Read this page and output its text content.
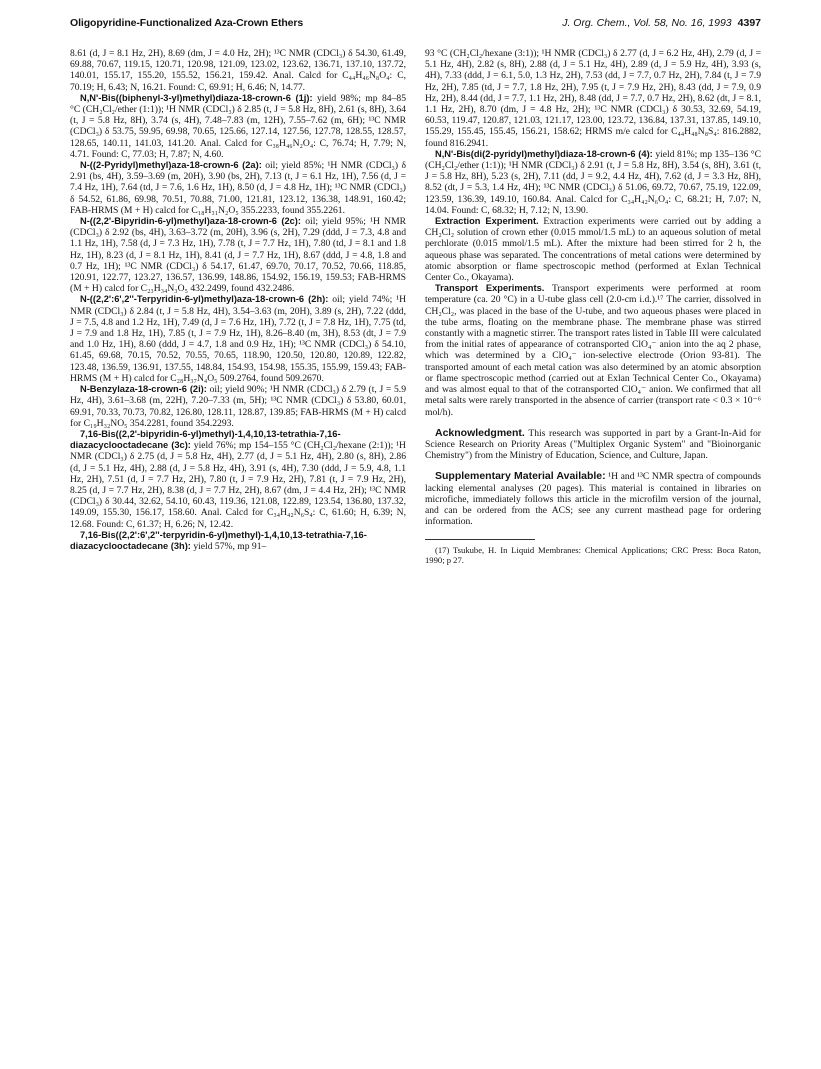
Oligopyridine-Functionalized Aza-Crown Ethers	J. Org. Chem., Vol. 58, No. 16, 1993 4397

8.61 (d, J = 8.1 Hz, 2H), 8.69 (dm, J = 4.0 Hz, 2H); ¹³C NMR (CDCl₃) δ 54.30, 61.49, 69.88, 70.67, 119.15, 120.71, 120.98, 121.09, 123.02, 123.62, 136.71, 137.10, 137.72, 140.01, 155.17, 155.20, 155.52, 156.21, 159.42. Anal. Calcd for C₄₄H₄₆N₈O₄: C, 70.19; H, 6.43; N, 16.21. Found: C, 69.91; H, 6.46; N, 14.77.

N,N'-Bis((biphenyl-3-yl)methyl)diaza-18-crown-6 (1j): yield 98%; mp 84–85 °C (CH₂Cl₂/ether (1:1)); ¹H NMR (CDCl₃) δ 2.85 (t, J = 5.8 Hz, 8H), 2.61 (s, 8H), 3.64 (t, J = 5.8 Hz, 8H), 3.74 (s, 4H), 7.48–7.83 (m, 12H), 7.55–7.62 (m, 6H); ¹³C NMR (CDCl₃) δ 53.75, 59.95, 69.98, 70.65, 125.66, 127.14, 127.56, 127.78, 128.55, 128.57, 128.65, 140.11, 141.03, 141.20. Anal. Calcd for C₃₈H₄₆N₂O₄: C, 76.74; H, 7.79; N, 4.71. Found: C, 77.03; H, 7.87; N, 4.60.

N-((2-Pyridyl)methyl)aza-18-crown-6 (2a): oil; yield 85%; ¹H NMR (CDCl₃) δ 2.91 (bs, 4H), 3.59–3.69 (m, 20H), 3.90 (bs, 2H), 7.13 (t, J = 6.1 Hz, 1H), 7.56 (d, J = 7.4 Hz, 1H), 7.64 (td, J = 7.6, 1.6 Hz, 1H), 8.50 (d, J = 4.8 Hz, 1H); ¹³C NMR (CDCl₃) δ 54.52, 61.86, 69.98, 70.51, 70.88, 71.00, 121.81, 123.12, 136.38, 148.91, 160.42; FAB-HRMS (M + H) calcd for C₁₈H₃₁N₂O₅ 355.2233, found 355.2261.

N-((2,2'-Bipyridin-6-yl)methyl)aza-18-crown-6 (2c): oil; yield 95%; ¹H NMR (CDCl₃) δ 2.92 (bs, 4H), 3.63–3.72 (m, 20H), 3.96 (s, 2H), 7.29 (ddd, J = 7.3, 4.8 and 1.1 Hz, 1H), 7.58 (d, J = 7.3 Hz, 1H), 7.78 (t, J = 7.7 Hz, 1H), 7.80 (td, J = 8.1 and 1.8 Hz, 1H), 8.23 (d, J = 8.1 Hz, 1H), 8.41 (d, J = 7.7 Hz, 1H), 8.67 (ddd, J = 4.8, 1.8 and 0.7 Hz, 1H); ¹³C NMR (CDCl₃) δ 54.17, 61.47, 69.70, 70.17, 70.52, 70.66, 118.85, 120.91, 122.77, 123.27, 136.57, 136.99, 148.86, 154.92, 156.19, 159.53; FAB-HRMS (M + H) calcd for C₂₃H₃₄N₃O₅ 432.2499, found 432.2486.

N-((2,2':6',2''-Terpyridin-6-yl)methyl)aza-18-crown-6 (2h): oil; yield 74%; ¹H NMR (CDCl₃) δ 2.84 (t, J = 5.8 Hz, 4H), 3.54–3.63 (m, 20H), 3.89 (s, 2H), 7.22 (ddd, J = 7.5, 4.8 and 1.2 Hz, 1H), 7.49 (d, J = 7.6 Hz, 1H), 7.72 (t, J = 7.8 Hz, 1H), 7.75 (td, J = 7.9 and 1.8 Hz, 1H), 7.85 (t, J = 7.9 Hz, 1H), 8.26–8.40 (m, 3H), 8.53 (dt, J = 7.9 and 1.0 Hz, 1H), 8.60 (ddd, J = 4.7, 1.8 and 0.9 Hz, 1H); ¹³C NMR (CDCl₃) δ 54.10, 61.45, 69.68, 70.15, 70.52, 70.55, 70.65, 118.90, 120.50, 120.80, 120.89, 122.82, 123.48, 136.59, 136.91, 137.55, 148.84, 154.93, 154.98, 155.35, 155.99, 159.43; FAB-HRMS (M + H) calcd for C₂₈H₃₇N₄O₅ 509.2764, found 509.2670.

N-Benzylaza-18-crown-6 (2i): oil; yield 90%; ¹H NMR (CDCl₃) δ 2.79 (t, J = 5.9 Hz, 4H), 3.61–3.68 (m, 22H), 7.20–7.33 (m, 5H); ¹³C NMR (CDCl₃) δ 53.80, 60.01, 69.91, 70.33, 70.73, 70.82, 126.80, 128.11, 128.87, 139.85; FAB-HRMS (M + H) calcd for C₁₉H₃₂NO₅ 354.2281, found 354.2293.

7,16-Bis((2,2'-bipyridin-6-yl)methyl)-1,4,10,13-tetrathia-7,16-diazacyclooctadecane (3c): yield 76%; mp 154–155 °C (CH₂Cl₂/hexane (2:1)); ¹H NMR (CDCl₃) δ 2.75 (d, J = 5.8 Hz, 4H), 2.77 (d, J = 5.1 Hz, 4H), 2.80 (s, 8H), 2.86 (d, J = 5.1 Hz, 4H), 2.88 (d, J = 5.8 Hz, 4H), 3.91 (s, 4H), 7.30 (ddd, J = 5.9, 4.8, 1.1 Hz, 2H), 7.51 (d, J = 7.7 Hz, 2H), 7.80 (t, J = 7.9 Hz, 2H), 7.81 (t, J = 7.9 Hz, 2H), 8.25 (d, J = 7.7 Hz, 2H), 8.38 (d, J = 7.7 Hz, 2H), 8.67 (dm, J = 4.4 Hz, 2H); ¹³C NMR (CDCl₃) δ 30.44, 32.62, 54.10, 60.43, 119.36, 121.08, 122.89, 123.54, 136.80, 137.32, 149.09, 155.30, 156.17, 158.60. Anal. Calcd for C₃₄H₄₂N₆S₄: C, 61.60; H, 6.39; N, 12.68. Found: C, 61.37; H, 6.26; N, 12.42.

7,16-Bis((2,2':6',2''-terpyridin-6-yl)methyl)-1,4,10,13-tetrathia-7,16-diazacyclooctadecane (3h): yield 57%, mp 91–

93 °C (CH₂Cl₂/hexane (3:1)); ¹H NMR (CDCl₃) δ 2.77 (d, J = 6.2 Hz, 4H), 2.79 (d, J = 5.1 Hz, 4H), 2.82 (s, 8H), 2.88 (d, J = 5.1 Hz, 4H), 2.89 (d, J = 5.9 Hz, 4H), 3.93 (s, 4H), 7.33 (ddd, J = 6.1, 5.0, 1.3 Hz, 2H), 7.53 (dd, J = 7.7, 0.7 Hz, 2H), 7.84 (t, J = 7.9 Hz, 2H), 7.85 (td, J = 7.7, 1.8 Hz, 2H), 7.95 (t, J = 7.9 Hz, 2H), 8.43 (dd, J = 7.9, 0.9 Hz, 2H), 8.44 (dd, J = 7.7, 1.1 Hz, 2H), 8.48 (dd, J = 7.7, 0.7 Hz, 2H), 8.62 (dt, J = 8.1, 1.1 Hz, 2H), 8.70 (dm, J = 4.8 Hz, 2H); ¹³C NMR (CDCl₃) δ 30.53, 32.69, 54.19, 60.53, 119.47, 120.87, 121.03, 121.17, 123.00, 123.72, 136.84, 137.31, 137.85, 149.10, 155.29, 155.45, 155.45, 156.21, 158.62; HRMS m/e calcd for C₄₄H₄₈N₈S₄: 816.2882, found 816.2941.

N,N'-Bis(di(2-pyridyl)methyl)diaza-18-crown-6 (4): yield 81%; mp 135–136 °C (CH₂Cl₂/ether (1:1)); ¹H NMR (CDCl₃) δ 2.91 (t, J = 5.8 Hz, 8H), 3.54 (s, 8H), 3.61 (t, J = 5.8 Hz, 8H), 5.23 (s, 2H), 7.11 (dd, J = 9.2, 4.4 Hz, 4H), 7.62 (d, J = 3.3 Hz, 8H), 8.52 (dt, J = 5.3, 1.4 Hz, 4H); ¹³C NMR (CDCl₃) δ 51.06, 69.72, 70.67, 75.19, 122.09, 123.59, 136.39, 149.10, 160.84. Anal. Calcd for C₃₄H₄₂N₆O₄: C, 68.21; H, 7.07; N, 14.04. Found: C, 68.32; H, 7.12; N, 13.90.

Extraction Experiment. Extraction experiments were carried out by adding a CH₂Cl₂ solution of crown ether (0.015 mmol/1.5 mL) to an aqueous solution of metal perchlorate (0.015 mmol/1.5 mL). After the mixture had been stirred for 2 h, the aqueous phase was separated. The concentrations of metal cations were determined by atomic absorption or flame spectroscopic method (performed at Exlan Technical Center Co., Okayama).

Transport Experiments. Transport experiments were performed at room temperature (ca. 20 °C) in a U-tube glass cell (2.0-cm i.d.).¹⁷ The carrier, dissolved in CH₂Cl₂, was placed in the base of the U-tube, and two aqueous phases were placed in the tube arms, floating on the membrane phase. The membrane phase was stirred constantly with a magnetic stirrer. The transport rates listed in Table III were calculated from the initial rates of appearance of cotransported ClO₄⁻ anion into the aq 2 phase, which was determined by a ClO₄⁻ ion-selective electrode (Orion 93-81). The transported amount of each metal cation was also determined by an atomic absorption or flame spectroscopic method (carried out at Exlan Technical Center Co., Okayama) and was almost equal to that of the cotransported ClO₄⁻ anion. We confirmed that all metal salts were rarely transported in the absence of carrier (transport rate < 0.3 × 10⁻⁶ mol/h).

Acknowledgment. This research was supported in part by a Grant-In-Aid for Science Research on Priority Areas ("Multiplex Organic System" and "Bioinorganic Chemistry") from the Ministry of Education, Science, and Culture, Japan.

Supplementary Material Available: ¹H and ¹³C NMR spectra of compounds lacking elemental analyses (20 pages). This material is contained in libraries on microfiche, immediately follows this article in the microfilm version of the journal, and can be ordered from the ACS; see any current masthead page for ordering information.

(17) Tsukube, H. In Liquid Membranes: Chemical Applications; CRC Press: Boca Raton, 1990; p 27.
